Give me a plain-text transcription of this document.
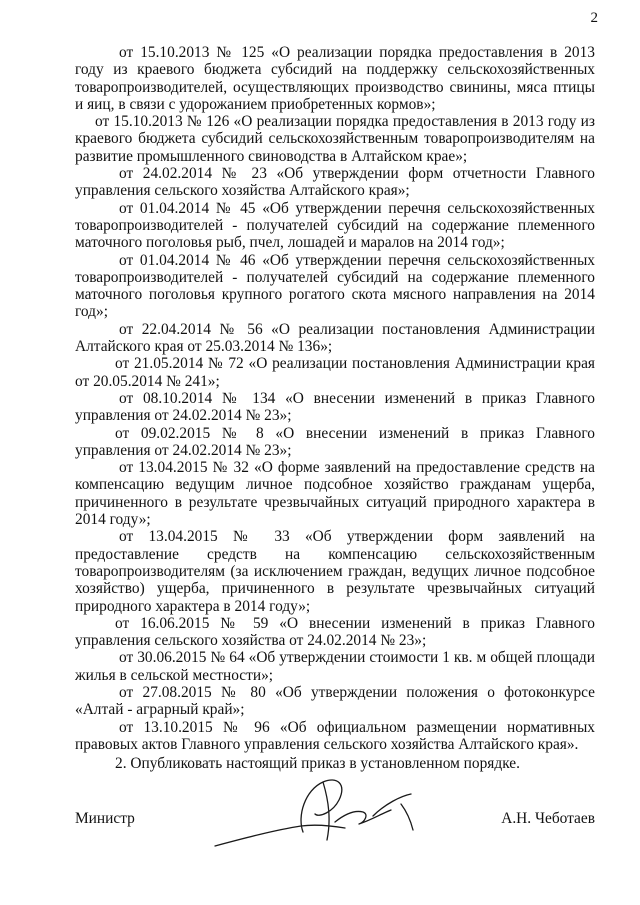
2

от 15.10.2013 № 125 «О реализации порядка предоставления в 2013 году из краевого бюджета субсидий на поддержку сельскохозяйственных товаропроизводителей, осуществляющих производство свинины, мяса птицы и яиц, в связи с удорожанием приобретенных кормов»;

от 15.10.2013 № 126 «О реализации порядка предоставления в 2013 году из краевого бюджета субсидий сельскохозяйственным товаропроизводителям на развитие промышленного свиноводства в Алтайском крае»;

от 24.02.2014 № 23 «Об утверждении форм отчетности Главного управления сельского хозяйства Алтайского края»;

от 01.04.2014 № 45 «Об утверждении перечня сельскохозяйственных товаропроизводителей - получателей субсидий на содержание племенного маточного поголовья рыб, пчел, лошадей и маралов на 2014 год»;

от 01.04.2014 № 46 «Об утверждении перечня сельскохозяйственных товаропроизводителей - получателей субсидий на содержание племенного маточного поголовья крупного рогатого скота мясного направления на 2014 год»;

от 22.04.2014 № 56 «О реализации постановления Администрации Алтайского края от 25.03.2014 № 136»;

от 21.05.2014 № 72 «О реализации постановления Администрации края от 20.05.2014 № 241»;

от 08.10.2014 № 134 «О внесении изменений в приказ Главного управления от 24.02.2014 № 23»;

от 09.02.2015 № 8 «О внесении изменений в приказ Главного управления от 24.02.2014 № 23»;

от 13.04.2015 № 32 «О форме заявлений на предоставление средств на компенсацию ведущим личное подсобное хозяйство гражданам ущерба, причиненного в результате чрезвычайных ситуаций природного характера в 2014 году»;

от 13.04.2015 № 33 «Об утверждении форм заявлений на предоставление средств на компенсацию сельскохозяйственным товаропроизводителям (за исключением граждан, ведущих личное подсобное хозяйство) ущерба, причиненного в результате чрезвычайных ситуаций природного характера в 2014 году»;

от 16.06.2015 № 59 «О внесении изменений в приказ Главного управления сельского хозяйства от 24.02.2014 № 23»;

от 30.06.2015 № 64 «Об утверждении стоимости 1 кв. м общей площади жилья в сельской местности»;

от 27.08.2015 № 80 «Об утверждении положения о фотоконкурсе «Алтай - аграрный край»;

от 13.10.2015 № 96 «Об официальном размещении нормативных правовых актов Главного управления сельского хозяйства Алтайского края».

2. Опубликовать настоящий приказ в установленном порядке.

Министр	А.Н. Чеботаев
